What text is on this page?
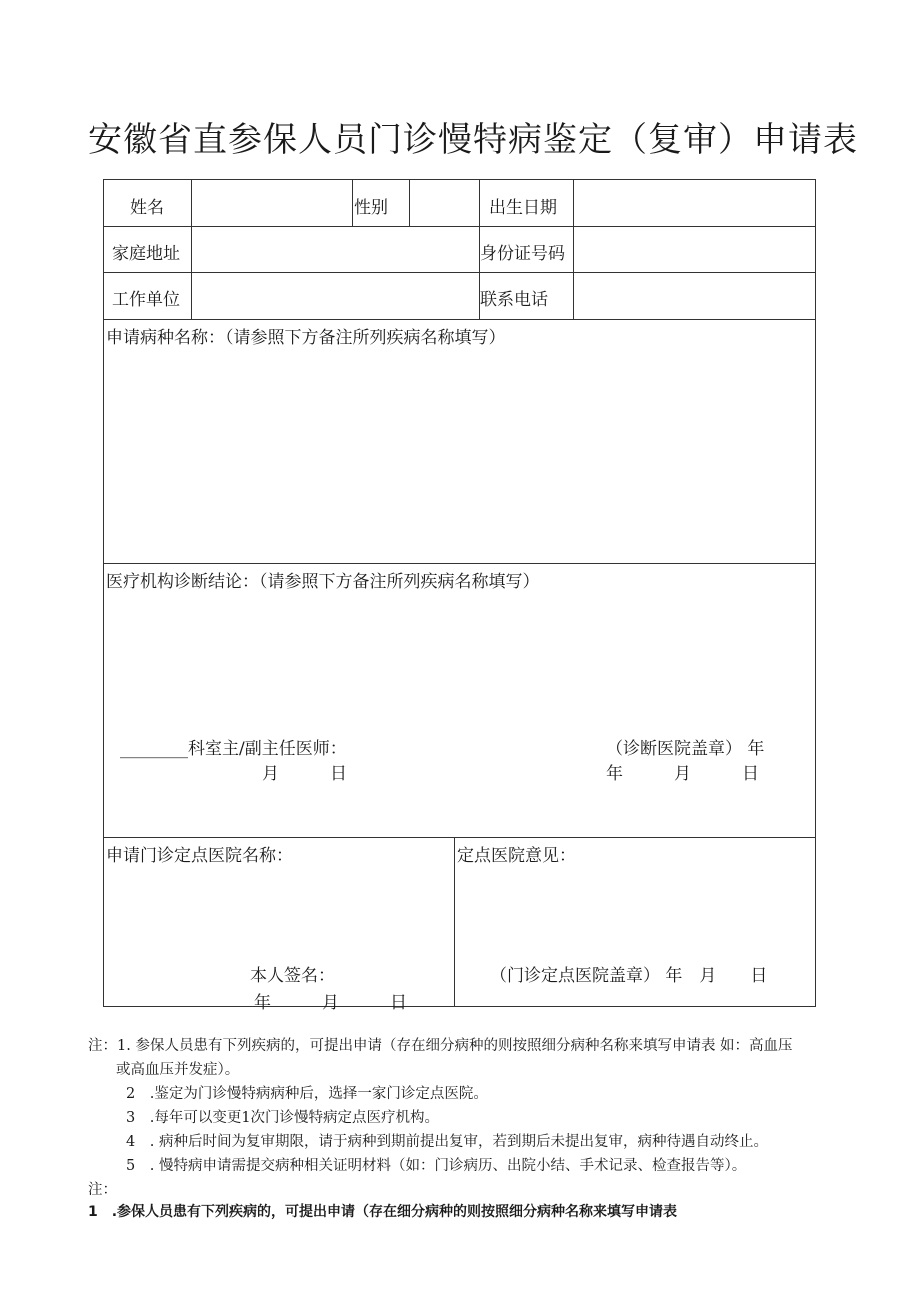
安徽省直参保人员门诊慢特病鉴定（复审）申请表
姓名	性别	出生日期
家庭地址	身份证号码
工作单位	联系电话
申请病种名称：（请参照下方备注所列疾病名称填写）
医疗机构诊断结论：（请参照下方备注所列疾病名称填写）
________科室主/副主任医师：
月　　　日
（诊断医院盖章） 年
年　　　月　　　日
申请门诊定点医院名称：
本人签名：
年　　　月　　　日
定点医院意见：
（门诊定点医院盖章） 年　月　　日
注：1. 参保人员患有下列疾病的，可提出申请（存在细分病种的则按照细分病种名称来填写申请表 如：高血压
或高血压并发症）。
2　.鉴定为门诊慢特病病种后，选择一家门诊定点医院。
3　.每年可以变更1次门诊慢特病定点医疗机构。
4　. 病种后时间为复审期限，请于病种到期前提出复审，若到期后未提出复审，病种待遇自动终止。
5　. 慢特病申请需提交病种相关证明材料（如：门诊病历、出院小结、手术记录、检查报告等）。
注：
1　.参保人员患有下列疾病的，可提出申请（存在细分病种的则按照细分病种名称来填写申请表
